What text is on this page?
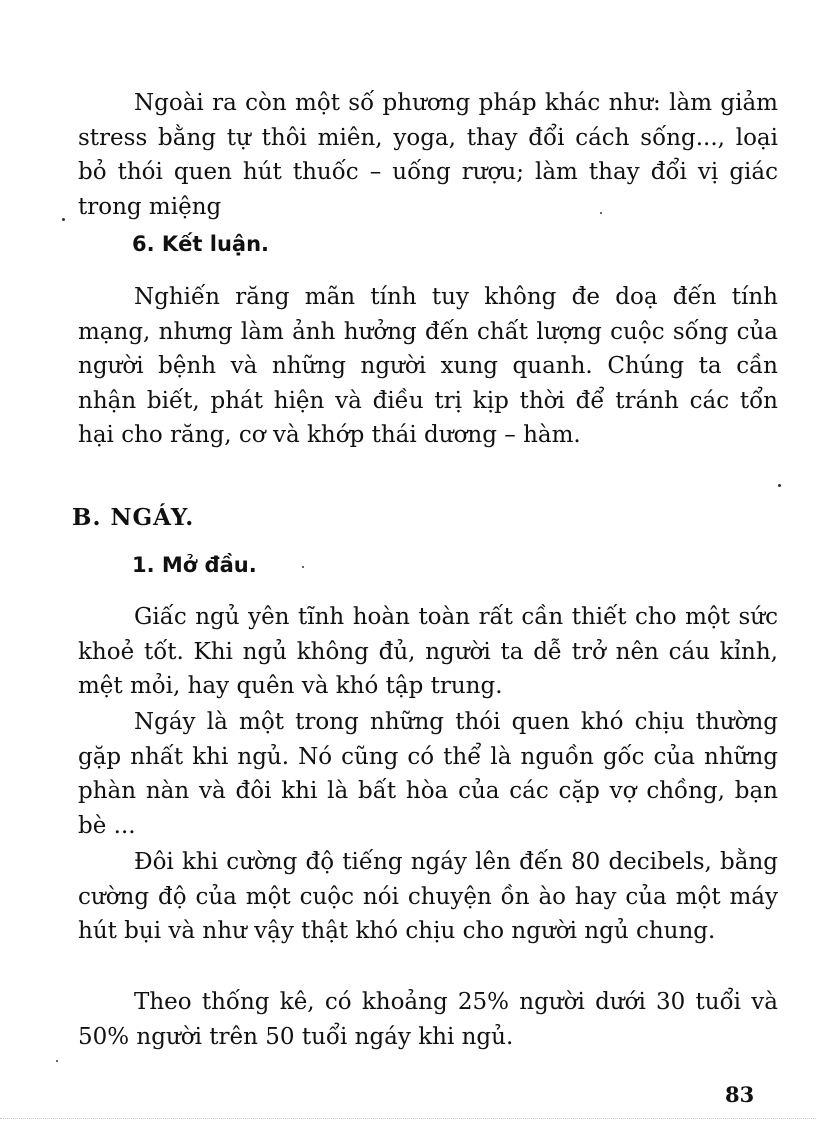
Ngoài ra còn một số phương pháp khác như: làm giảm stress bằng tự thôi miên, yoga, thay đổi cách sống..., loại bỏ thói quen hút thuốc – uống rượu; làm thay đổi vị giác trong miệng

6. Kết luận.

Nghiến răng mãn tính tuy không đe doạ đến tính mạng, nhưng làm ảnh hưởng đến chất lượng cuộc sống của người bệnh và những người xung quanh. Chúng ta cần nhận biết, phát hiện và điều trị kịp thời để tránh các tổn hại cho răng, cơ và khớp thái dương – hàm.

B. NGÁY.
1. Mở đầu.

Giấc ngủ yên tĩnh hoàn toàn rất cần thiết cho một sức khoẻ tốt. Khi ngủ không đủ, người ta dễ trở nên cáu kỉnh, mệt mỏi, hay quên và khó tập trung.

Ngáy là một trong những thói quen khó chịu thường gặp nhất khi ngủ. Nó cũng có thể là nguồn gốc của những phàn nàn và đôi khi là bất hòa của các cặp vợ chồng, bạn bè ...

Đôi khi cường độ tiếng ngáy lên đến 80 decibels, bằng cường độ của một cuộc nói chuyện ồn ào hay của một máy hút bụi và như vậy thật khó chịu cho người ngủ chung.

Theo thống kê, có khoảng 25% người dưới 30 tuổi và 50% người trên 50 tuổi ngáy khi ngủ.

83
